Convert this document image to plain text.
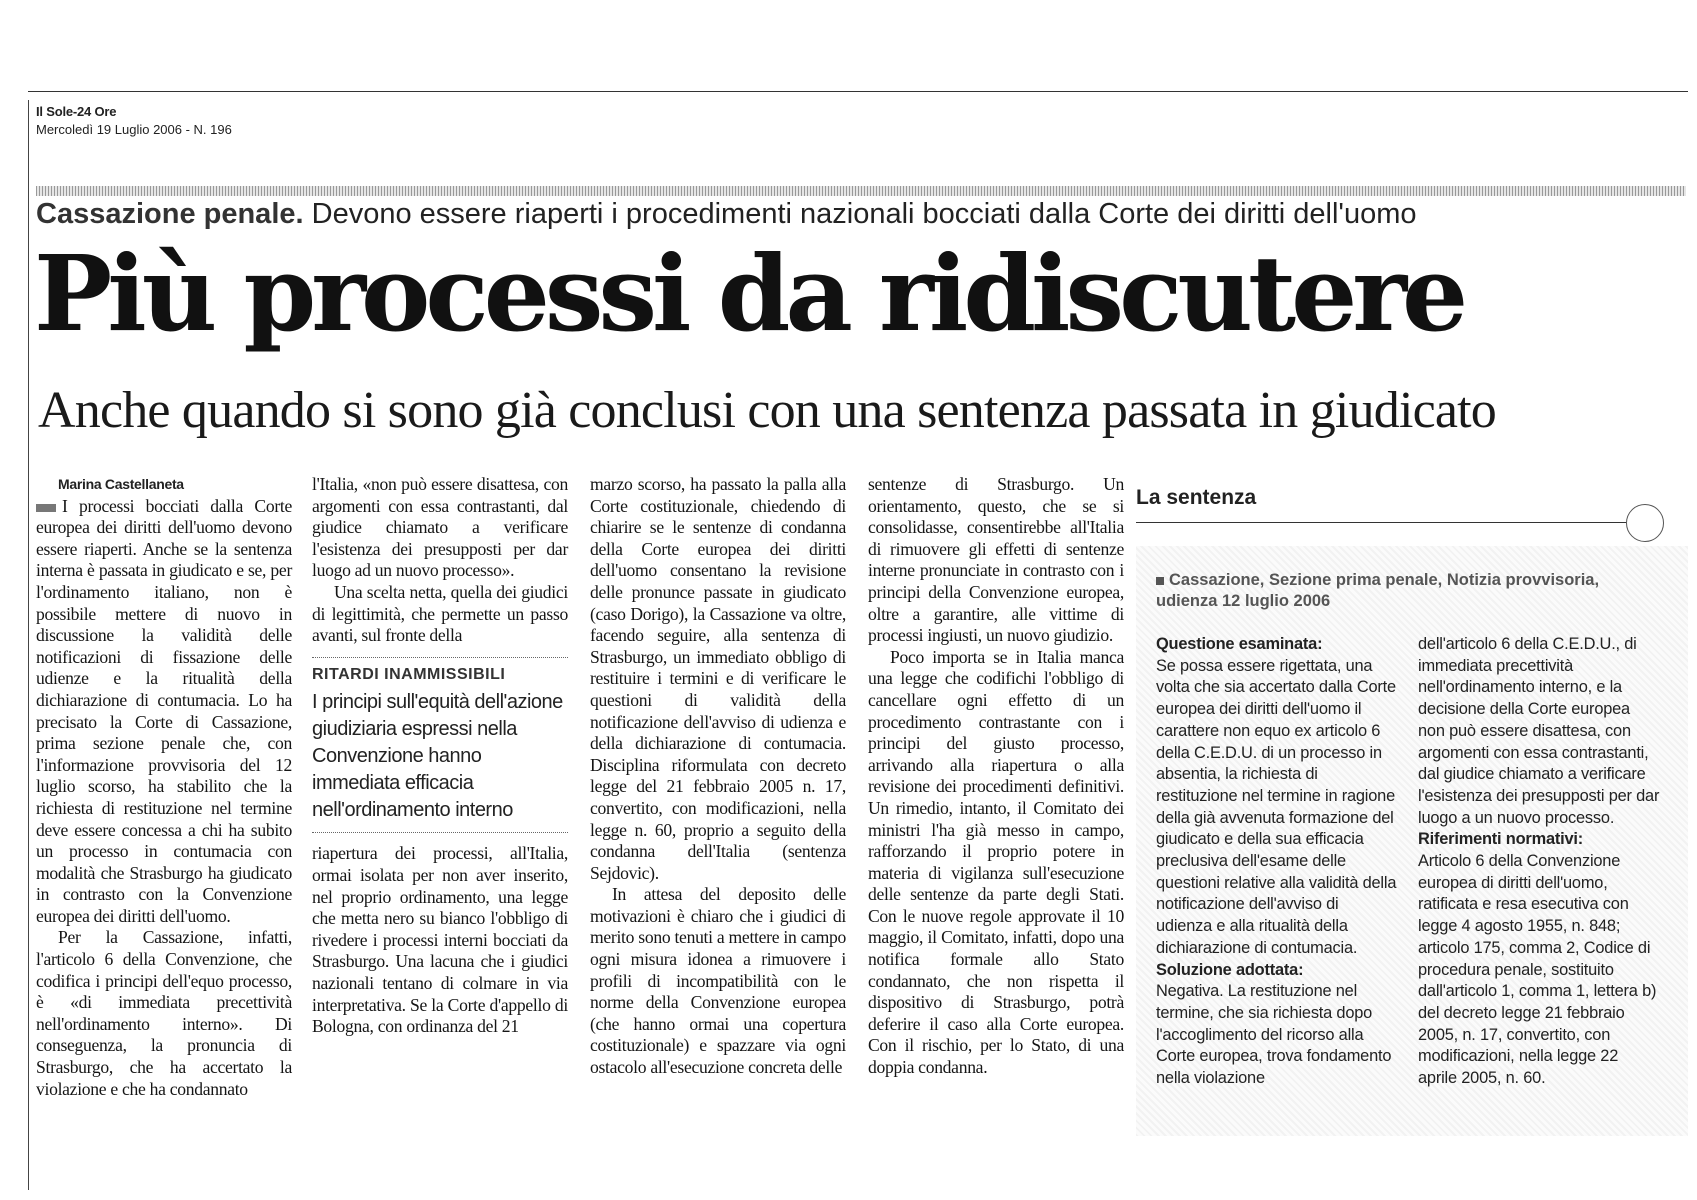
Il Sole-24 Ore
Mercoledì 19 Luglio 2006 - N. 196
Cassazione penale. Devono essere riaperti i procedimenti nazionali bocciati dalla Corte dei diritti dell'uomo
Più processi da ridiscutere
Anche quando si sono già conclusi con una sentenza passata in giudicato

Marina Castellaneta

I processi bocciati dalla Corte europea dei diritti dell'uomo devono essere riaperti. Anche se la sentenza interna è passata in giudicato e se, per l'ordinamento italiano, non è possibile mettere di nuovo in discussione la validità delle notificazioni di fissazione delle udienze e la ritualità della dichiarazione di contumacia. Lo ha precisato la Corte di Cassazione, prima sezione penale che, con l'informazione provvisoria del 12 luglio scorso, ha stabilito che la richiesta di restituzione nel termine deve essere concessa a chi ha subito un processo in contumacia con modalità che Strasburgo ha giudicato in contrasto con la Convenzione europea dei diritti dell'uomo.

Per la Cassazione, infatti, l'articolo 6 della Convenzione, che codifica i principi dell'equo processo, è «di immediata precettività nell'ordinamento interno». Di conseguenza, la pronuncia di Strasburgo, che ha accertato la violazione e che ha condannato

l'Italia, «non può essere disattesa, con argomenti con essa contrastanti, dal giudice chiamato a verificare l'esistenza dei presupposti per dar luogo ad un nuovo processo».

Una scelta netta, quella dei giudici di legittimità, che permette un passo avanti, sul fronte della

RITARDI INAMMISSIBILI
I principi sull'equità dell'azione giudiziaria espressi nella Convenzione hanno immediata efficacia nell'ordinamento interno

riapertura dei processi, all'Italia, ormai isolata per non aver inserito, nel proprio ordinamento, una legge che metta nero su bianco l'obbligo di rivedere i processi interni bocciati da Strasburgo. Una lacuna che i giudici nazionali tentano di colmare in via interpretativa. Se la Corte d'appello di Bologna, con ordinanza del 21

marzo scorso, ha passato la palla alla Corte costituzionale, chiedendo di chiarire se le sentenze di condanna della Corte europea dei diritti dell'uomo consentano la revisione delle pronunce passate in giudicato (caso Dorigo), la Cassazione va oltre, facendo seguire, alla sentenza di Strasburgo, un immediato obbligo di restituire i termini e di verificare le questioni di validità della notificazione dell'avviso di udienza e della dichiarazione di contumacia. Disciplina riformulata con decreto legge del 21 febbraio 2005 n. 17, convertito, con modificazioni, nella legge n. 60, proprio a seguito della condanna dell'Italia (sentenza Sejdovic).

In attesa del deposito delle motivazioni è chiaro che i giudici di merito sono tenuti a mettere in campo ogni misura idonea a rimuovere i profili di incompatibilità con le norme della Convenzione europea (che hanno ormai una copertura costituzionale) e spazzare via ogni ostacolo all'esecuzione concreta delle

sentenze di Strasburgo. Un orientamento, questo, che se si consolidasse, consentirebbe all'Italia di rimuovere gli effetti di sentenze interne pronunciate in contrasto con i principi della Convenzione europea, oltre a garantire, alle vittime di processi ingiusti, un nuovo giudizio.

Poco importa se in Italia manca una legge che codifichi l'obbligo di cancellare ogni effetto di un procedimento contrastante con i principi del giusto processo, arrivando alla riapertura o alla revisione dei procedimenti definitivi. Un rimedio, intanto, il Comitato dei ministri l'ha già messo in campo, rafforzando il proprio potere in materia di vigilanza sull'esecuzione delle sentenze da parte degli Stati. Con le nuove regole approvate il 10 maggio, il Comitato, infatti, dopo una notifica formale allo Stato condannato, che non rispetta il dispositivo di Strasburgo, potrà deferire il caso alla Corte europea. Con il rischio, per lo Stato, di una doppia condanna.

La sentenza
Cassazione, Sezione prima penale, Notizia provvisoria, udienza 12 luglio 2006

Questione esaminata:
Se possa essere rigettata, una volta che sia accertato dalla Corte europea dei diritti dell'uomo il carattere non equo ex articolo 6 della C.E.D.U. di un processo in absentia, la richiesta di restituzione nel termine in ragione della già avvenuta formazione del giudicato e della sua efficacia preclusiva dell'esame delle questioni relative alla validità della notificazione dell'avviso di udienza e alla ritualità della dichiarazione di contumacia.

Soluzione adottata:
Negativa. La restituzione nel termine, che sia richiesta dopo l'accoglimento del ricorso alla Corte europea, trova fondamento nella violazione

dell'articolo 6 della C.E.D.U., di immediata precettività nell'ordinamento interno, e la decisione della Corte europea non può essere disattesa, con argomenti con essa contrastanti, dal giudice chiamato a verificare l'esistenza dei presupposti per dar luogo a un nuovo processo.

Riferimenti normativi:
Articolo 6 della Convenzione europea di diritti dell'uomo, ratificata e resa esecutiva con legge 4 agosto 1955, n. 848; articolo 175, comma 2, Codice di procedura penale, sostituito dall'articolo 1, comma 1, lettera b) del decreto legge 21 febbraio 2005, n. 17, convertito, con modificazioni, nella legge 22 aprile 2005, n. 60.
